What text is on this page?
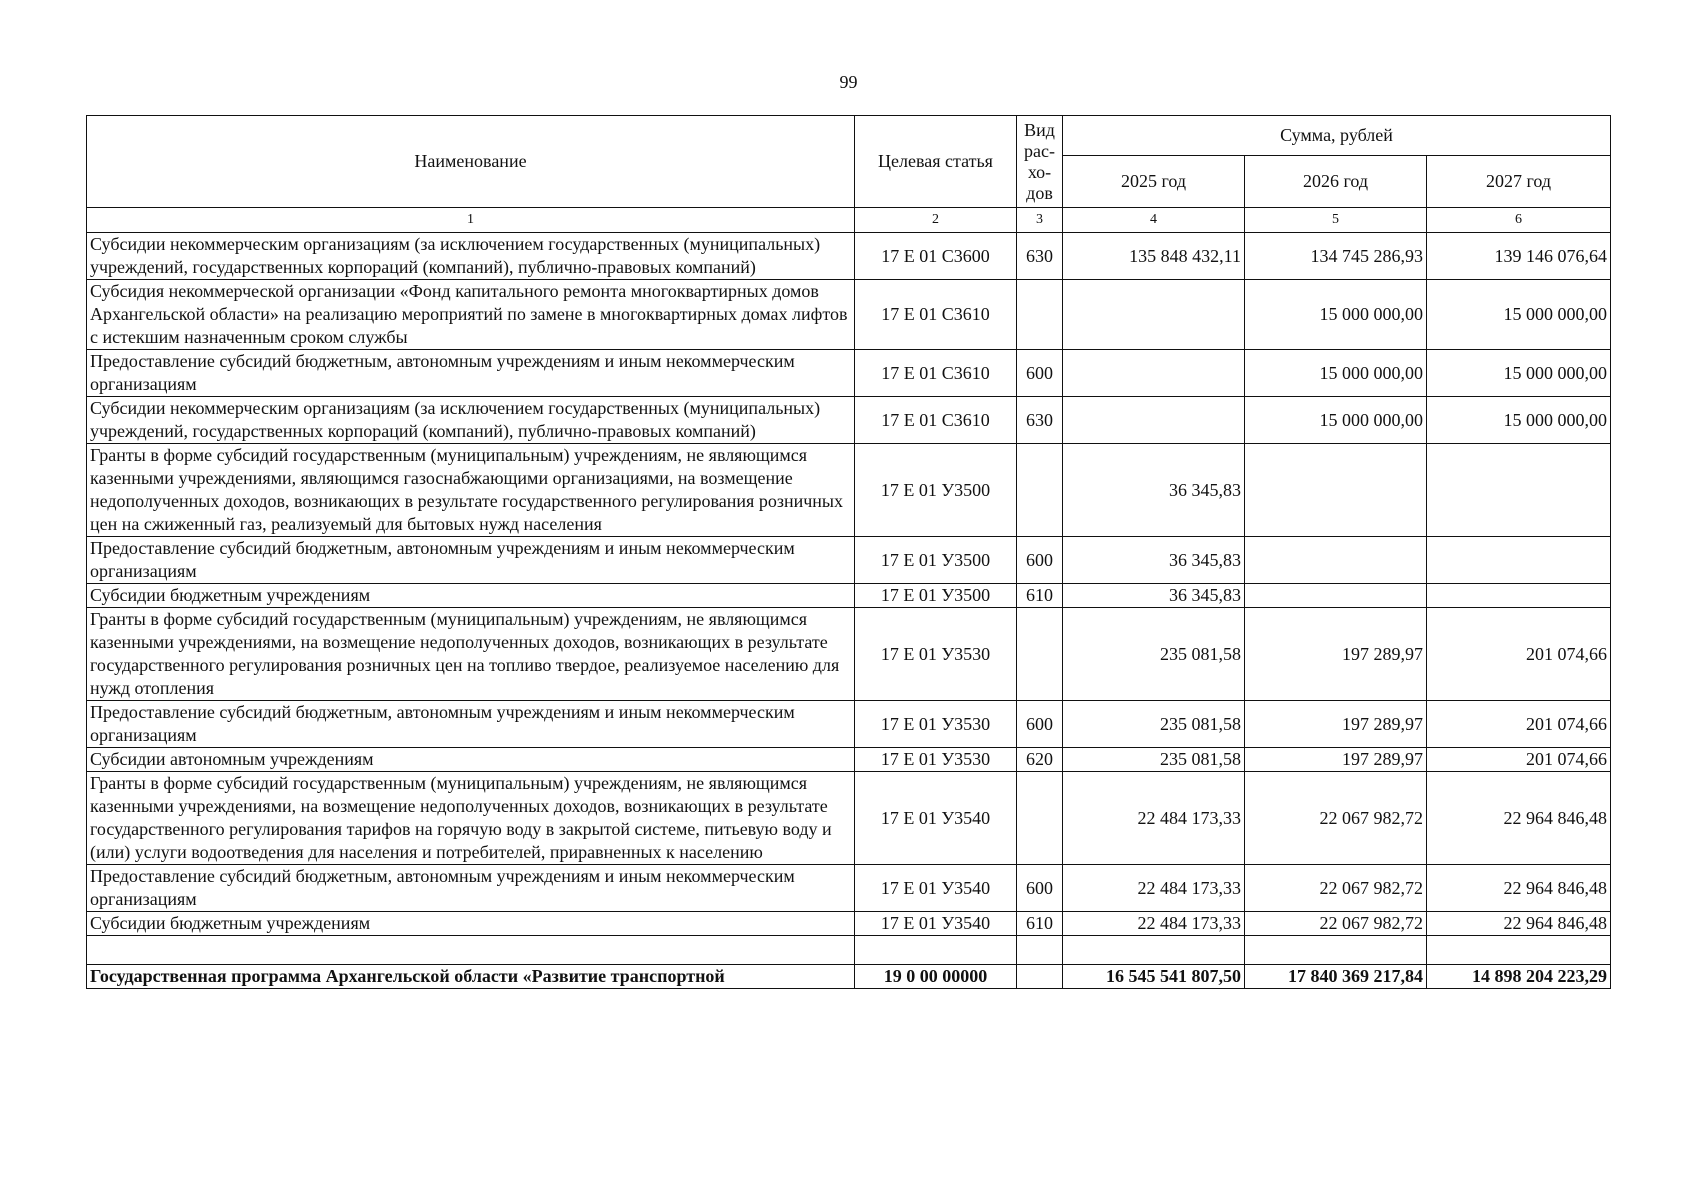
99
Наименование	Целевая статья	Вид рас-хо-дов	Сумма, рублей		
			2025 год	2026 год	2027 год
1	2	3	4	5	6
Субсидии некоммерческим организациям (за исключением государственных (муниципальных) учреждений, государственных корпораций (компаний), публично-правовых компаний)	17 Е 01 С3600	630	135 848 432,11	134 745 286,93	139 146 076,64
Субсидия некоммерческой организации «Фонд капитального ремонта многоквартирных домов Архангельской области» на реализацию мероприятий по замене в многоквартирных домах лифтов с истекшим назначенным сроком службы	17 Е 01 С3610			15 000 000,00	15 000 000,00
Предоставление субсидий бюджетным, автономным учреждениям и иным некоммерческим организациям	17 Е 01 С3610	600		15 000 000,00	15 000 000,00
Субсидии некоммерческим организациям (за исключением государственных (муниципальных) учреждений, государственных корпораций (компаний), публично-правовых компаний)	17 Е 01 С3610	630		15 000 000,00	15 000 000,00
Гранты в форме субсидий государственным (муниципальным) учреждениям, не являющимся казенными учреждениями, являющимся газоснабжающими организациями, на возмещение недополученных доходов, возникающих в результате государственного регулирования розничных цен на сжиженный газ, реализуемый для бытовых нужд населения	17 Е 01 У3500		36 345,83		
Предоставление субсидий бюджетным, автономным учреждениям и иным некоммерческим организациям	17 Е 01 У3500	600	36 345,83		
Субсидии бюджетным учреждениям	17 Е 01 У3500	610	36 345,83		
Гранты в форме субсидий государственным (муниципальным) учреждениям, не являющимся казенными учреждениями, на возмещение недополученных доходов, возникающих в результате государственного регулирования розничных цен на топливо твердое, реализуемое населению для нужд отопления	17 Е 01 У3530		235 081,58	197 289,97	201 074,66
Предоставление субсидий бюджетным, автономным учреждениям и иным некоммерческим организациям	17 Е 01 У3530	600	235 081,58	197 289,97	201 074,66
Субсидии автономным учреждениям	17 Е 01 У3530	620	235 081,58	197 289,97	201 074,66
Гранты в форме субсидий государственным (муниципальным) учреждениям, не являющимся казенными учреждениями, на возмещение недополученных доходов, возникающих в результате государственного регулирования тарифов на горячую воду в закрытой системе, питьевую воду и (или) услуги водоотведения для населения и потребителей, приравненных к населению	17 Е 01 У3540		22 484 173,33	22 067 982,72	22 964 846,48
Предоставление субсидий бюджетным, автономным учреждениям и иным некоммерческим организациям	17 Е 01 У3540	600	22 484 173,33	22 067 982,72	22 964 846,48
Субсидии бюджетным учреждениям	17 Е 01 У3540	610	22 484 173,33	22 067 982,72	22 964 846,48

Государственная программа Архангельской области «Развитие транспортной	19 0 00 00000		16 545 541 807,50	17 840 369 217,84	14 898 204 223,29
